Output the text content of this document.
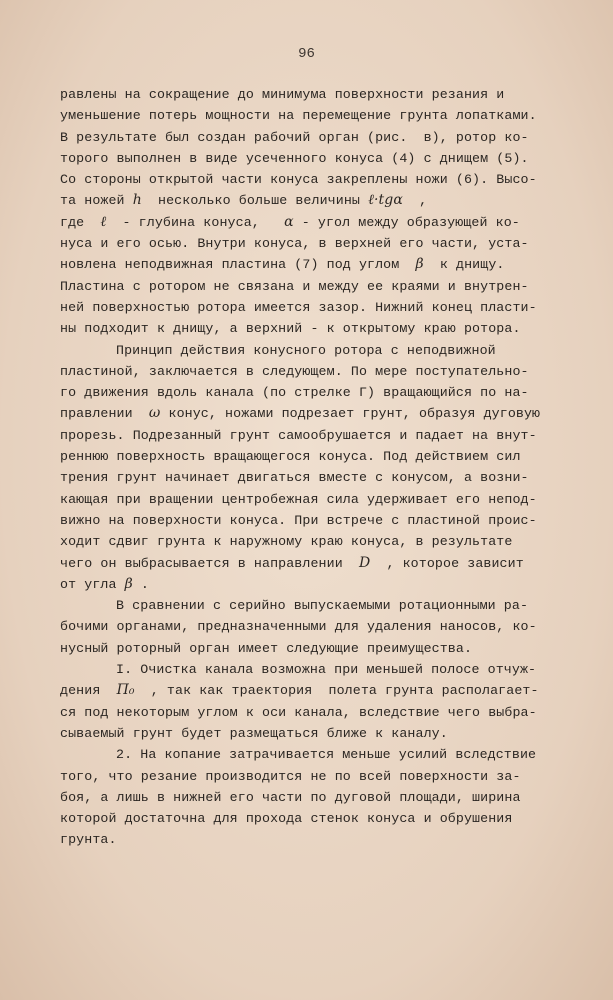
96
равлены на сокращение до минимума поверхности резания и
уменьшение потерь мощности на перемещение грунта лопатками.
В результате был создан рабочий орган (рис.  в), ротор ко-
торого выполнен в виде усеченного конуса (4) с днищем (5).
Со стороны открытой части конуса закреплены ножи (6). Высо-
та ножей h  несколько больше величины ℓ·tgα  ,
где  ℓ  - глубина конуса,   α - угол между образующей ко-
нуса и его осью. Внутри конуса, в верхней его части, уста-
новлена неподвижная пластина (7) под углом  β  к днищу.
Пластина с ротором не связана и между ее краями и внутрен-
ней поверхностью ротора имеется зазор. Нижний конец пласти-
ны подходит к днищу, а верхний - к открытому краю ротора.
Принцип действия конусного ротора с неподвижной
пластиной, заключается в следующем. По мере поступательно-
го движения вдоль канала (по стрелке Г) вращающийся по на-
правлении  ω конус, ножами подрезает грунт, образуя дуговую
прорезь. Подрезанный грунт самообрушается и падает на внут-
реннюю поверхность вращающегося конуса. Под действием сил
трения грунт начинает двигаться вместе с конусом, а возни-
кающая при вращении центробежная сила удерживает его непод-
вижно на поверхности конуса. При встрече с пластиной проис-
ходит сдвиг грунта к наружному краю конуса, в результате
чего он выбрасывается в направлении  D  , которое зависит
от угла β .
В сравнении с серийно выпускаемыми ротационными ра-
бочими органами, предназначенными для удаления наносов, ко-
нусный роторный орган имеет следующие преимущества.
I. Очистка канала возможна при меньшей полосе отчуж-
дения  П₀  , так как траектория  полета грунта располагает-
ся под некоторым углом к оси канала, вследствие чего выбра-
сываемый грунт будет размещаться ближе к каналу.
2. На копание затрачивается меньше усилий вследствие
того, что резание производится не по всей поверхности за-
боя, а лишь в нижней его части по дуговой площади, ширина
которой достаточна для прохода стенок конуса и обрушения
грунта.
